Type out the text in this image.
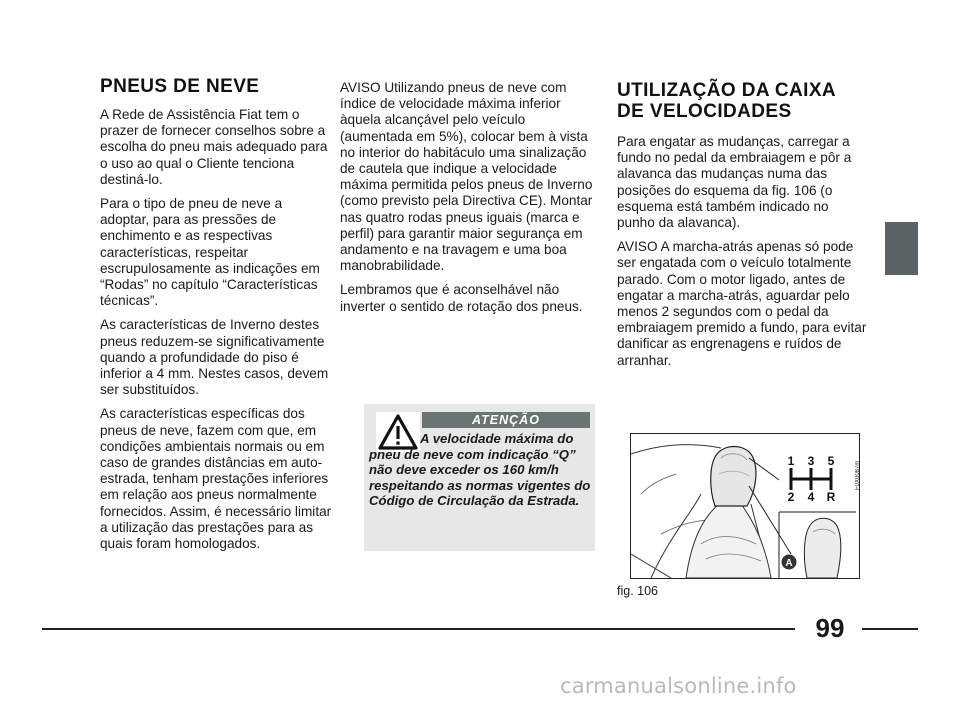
PNEUS DE NEVE

A Rede de Assistência Fiat tem o prazer de fornecer conselhos sobre a escolha do pneu mais adequado para o uso ao qual o Cliente tenciona destiná-lo.

Para o tipo de pneu de neve a adoptar, para as pressões de enchimento e as respectivas características, respeitar escrupulosamente as indicações em “Rodas” no capítulo “Características técnicas”.

As características de Inverno destes pneus reduzem-se significativamente quando a profundidade do piso é inferior a 4 mm. Nestes casos, devem ser substituídos.

As características específicas dos pneus de neve, fazem com que, em condições ambientais normais ou em caso de grandes distâncias em auto-estrada, tenham prestações inferiores em relação aos pneus normalmente fornecidos. Assim, é necessário limitar a utilização das prestações para as quais foram homologados.

AVISO Utilizando pneus de neve com índice de velocidade máxima inferior àquela alcançável pelo veículo (aumentada em 5%), colocar bem à vista no interior do habitáculo uma sinalização de cautela que indique a velocidade máxima permitida pelos pneus de Inverno (como previsto pela Directiva CE). Montar nas quatro rodas pneus iguais (marca e perfil) para garantir maior segurança em andamento e na travagem e uma boa manobrabilidade.

Lembramos que é aconselhável não inverter o sentido de rotação dos pneus.

ATENÇÃO
A velocidade máxima do pneu de neve com indicação “Q” não deve exceder os 160 km/h respeitando as normas vigentes do Código de Circulação da Estrada.
UTILIZAÇÃO DA CAIXA
DE VELOCIDADES

Para engatar as mudanças, carregar a fundo no pedal da embraiagem e pôr a alavanca das mudanças numa das posições do esquema da fig. 106 (o esquema está também indicado no punho da alavanca).

AVISO A marcha-atrás apenas só pode ser engatada com o veículo totalmente parado. Com o motor ligado, antes de engatar a marcha-atrás, aguardar pelo menos 2 segundos com o pedal da embraiagem premido a fundo, para evitar danificar as engrenagens e ruídos de arranhar.

1 3 5
2 4 R
A
F0X0087m
fig. 106
99
carmanualsonline.info
